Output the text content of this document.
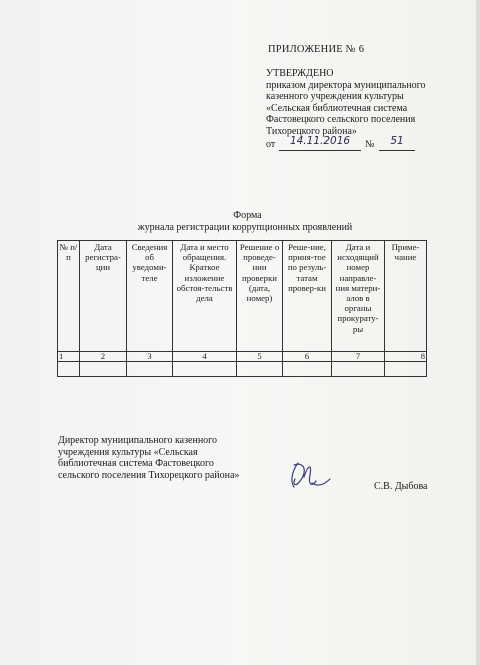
ПРИЛОЖЕНИЕ № 6
УТВЕРЖДЕНО
приказом директора муниципального
казенного учреждения культуры
«Сельская библиотечная система
Фастовецкого сельского поселения
Тихорецкого района»
от	14.11.2016	№	51
Форма
журнала регистрации коррупционных проявлений
№ п/п	Дата регистра-ции	Сведения об уведоми-теле	Дата и место обращения. Краткое изложение обстоя-тельств дела	Решение о проведе-нии проверки (дата, номер)	Реше-ние, приня-тое по резуль-татам провер-ки	Дата и исходящий номер направле-ния матери-алов в органы прокурату-ры	Приме-чание
1	2	3	4	5	6	7	8

Директор муниципального казенного
учреждения культуры «Сельская
библиотечная система Фастовецкого
сельского поселения Тихорецкого района»
С.В. Дыбова
